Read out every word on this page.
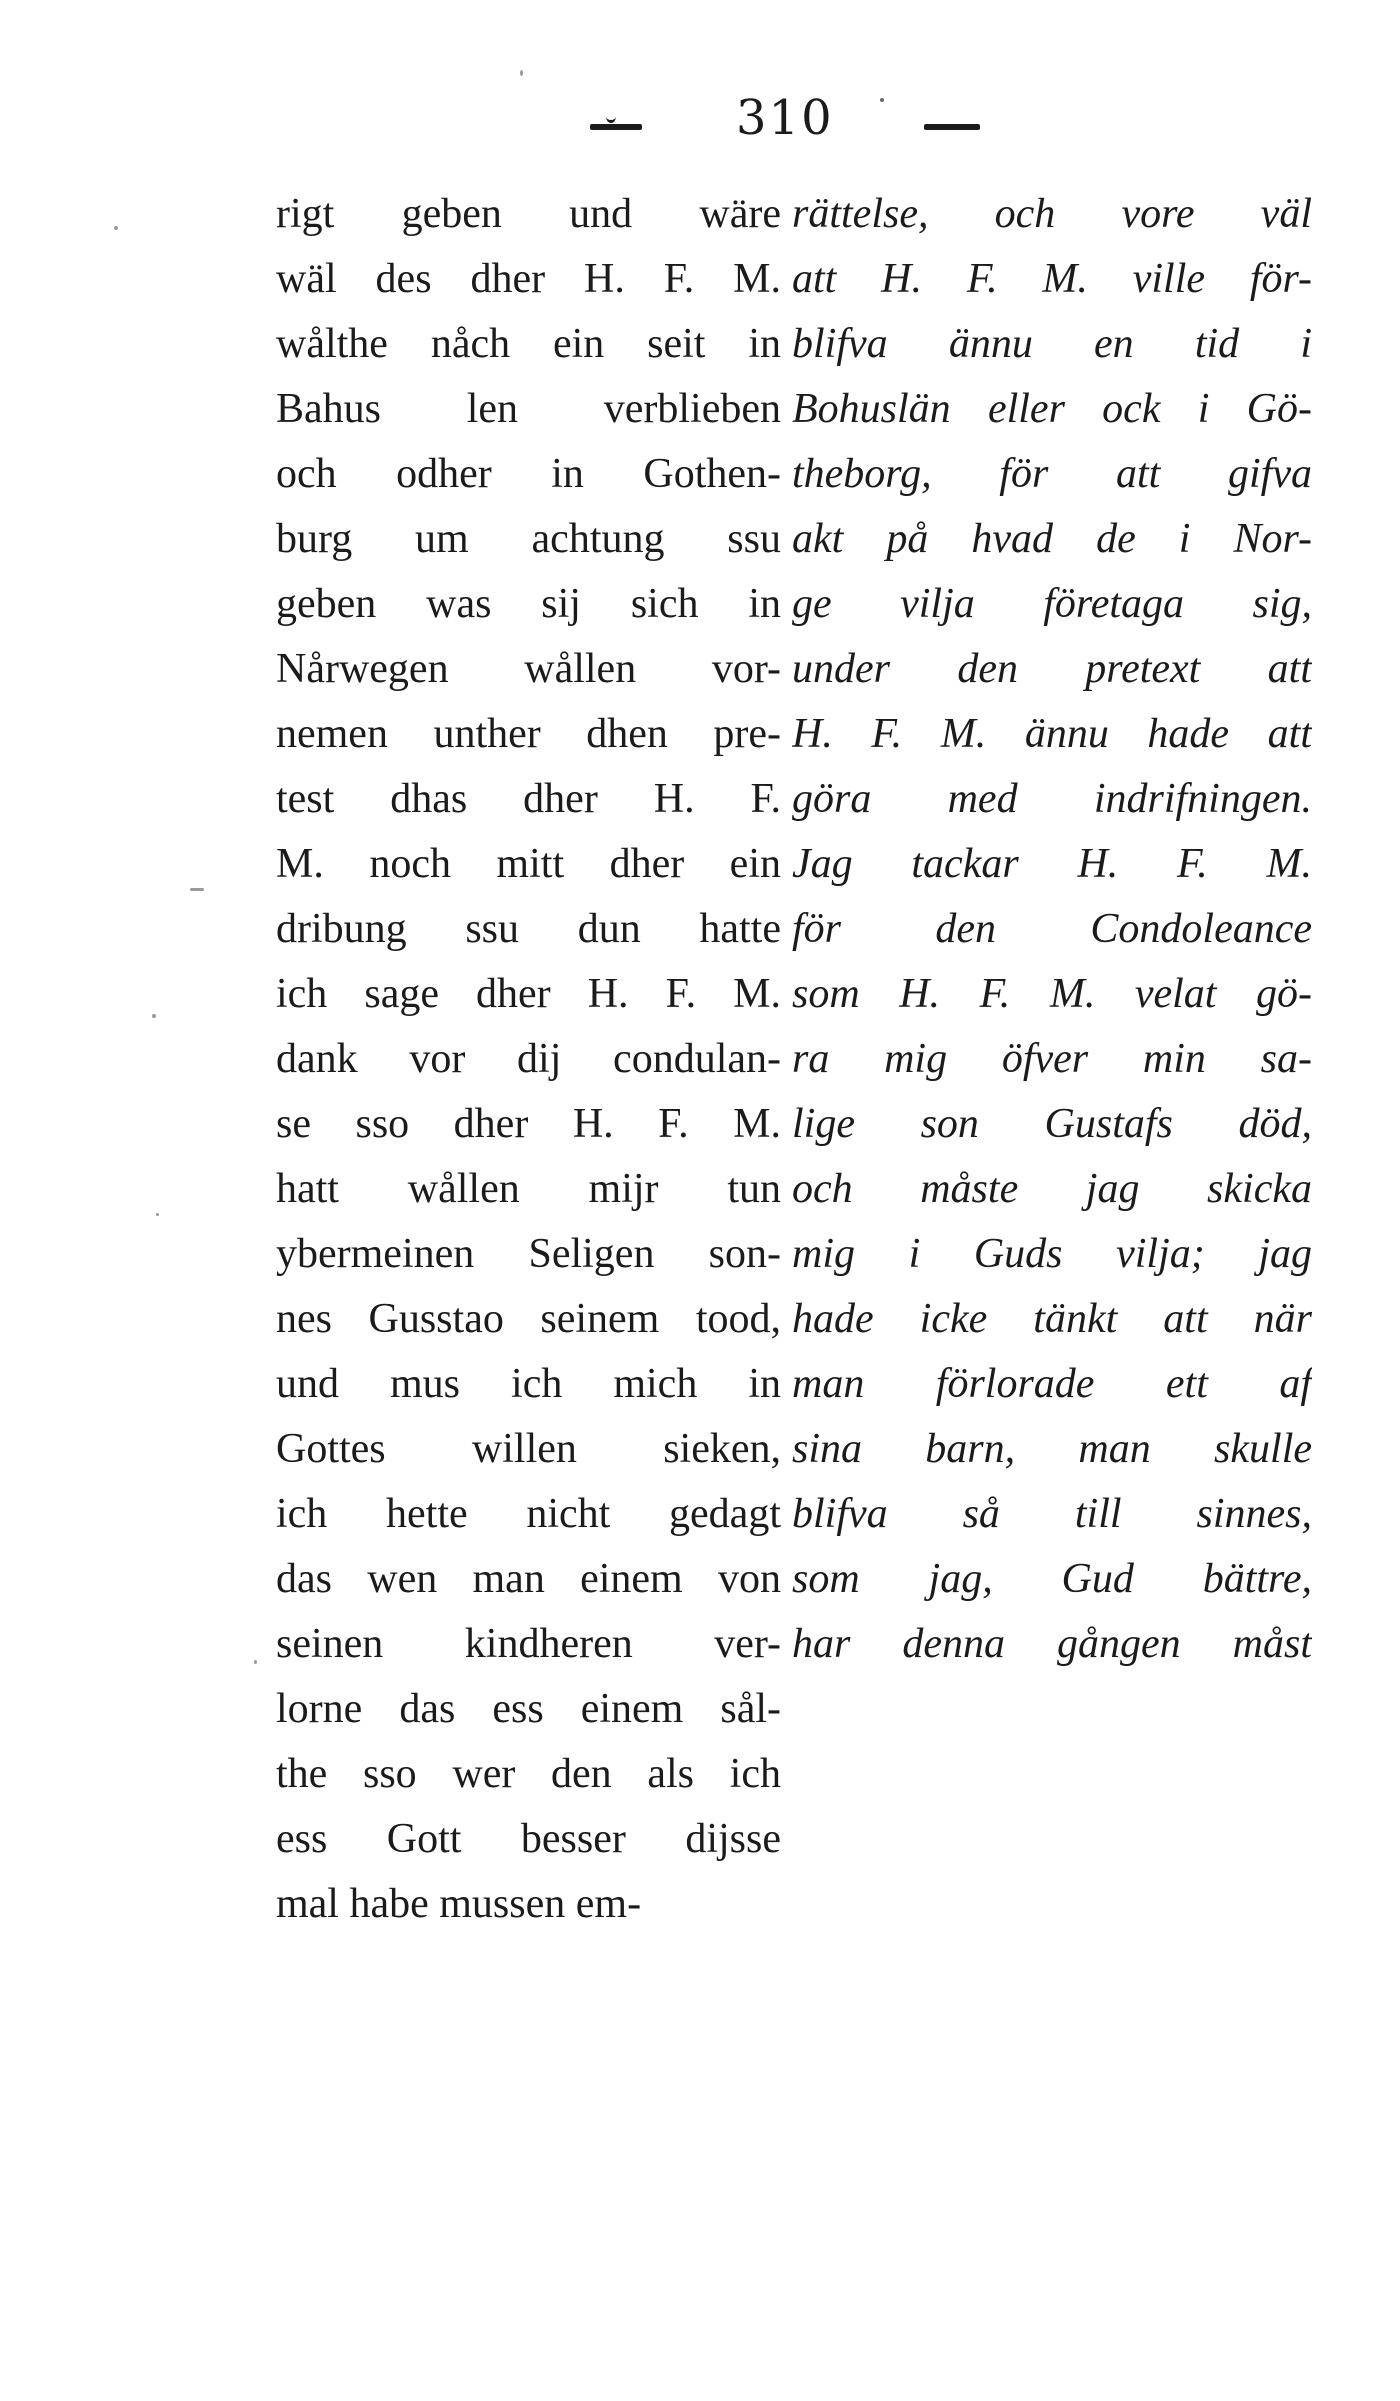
310
rigt geben und wäre
wäl des dher H. F. M.
wålthe nåch ein seit in
Bahus len verblieben
och odher in Gothen-
burg um achtung ssu
geben was sij sich in
Nårwegen wållen vor-
nemen unther dhen pre-
test dhas dher H. F.
M. noch mitt dher ein
dribung ssu dun hatte
ich sage dher H. F. M.
dank vor dij condulan-
se sso dher H. F. M.
hatt wållen mijr tun
ybermeinen Seligen son-
nes Gusstao seinem tood,
und mus ich mich in
Gottes willen sieken,
ich hette nicht gedagt
das wen man einem von
seinen kindheren ver-
lorne das ess einem sål-
the sso wer den als ich
ess Gott besser dijsse
mal habe mussen em-
rättelse, och vore väl
att H. F. M. ville för-
blifva ännu en tid i
Bohuslän eller ock i Gö-
theborg, för att gifva
akt på hvad de i Nor-
ge vilja företaga sig,
under den pretext att
H. F. M. ännu hade att
göra med indrifningen.
Jag tackar H. F. M.
för den Condoleance
som H. F. M. velat gö-
ra mig öfver min sa-
lige son Gustafs död,
och måste jag skicka
mig i Guds vilja; jag
hade icke tänkt att när
man förlorade ett af
sina barn, man skulle
blifva så till sinnes,
som jag, Gud bättre,
har denna gången måst
